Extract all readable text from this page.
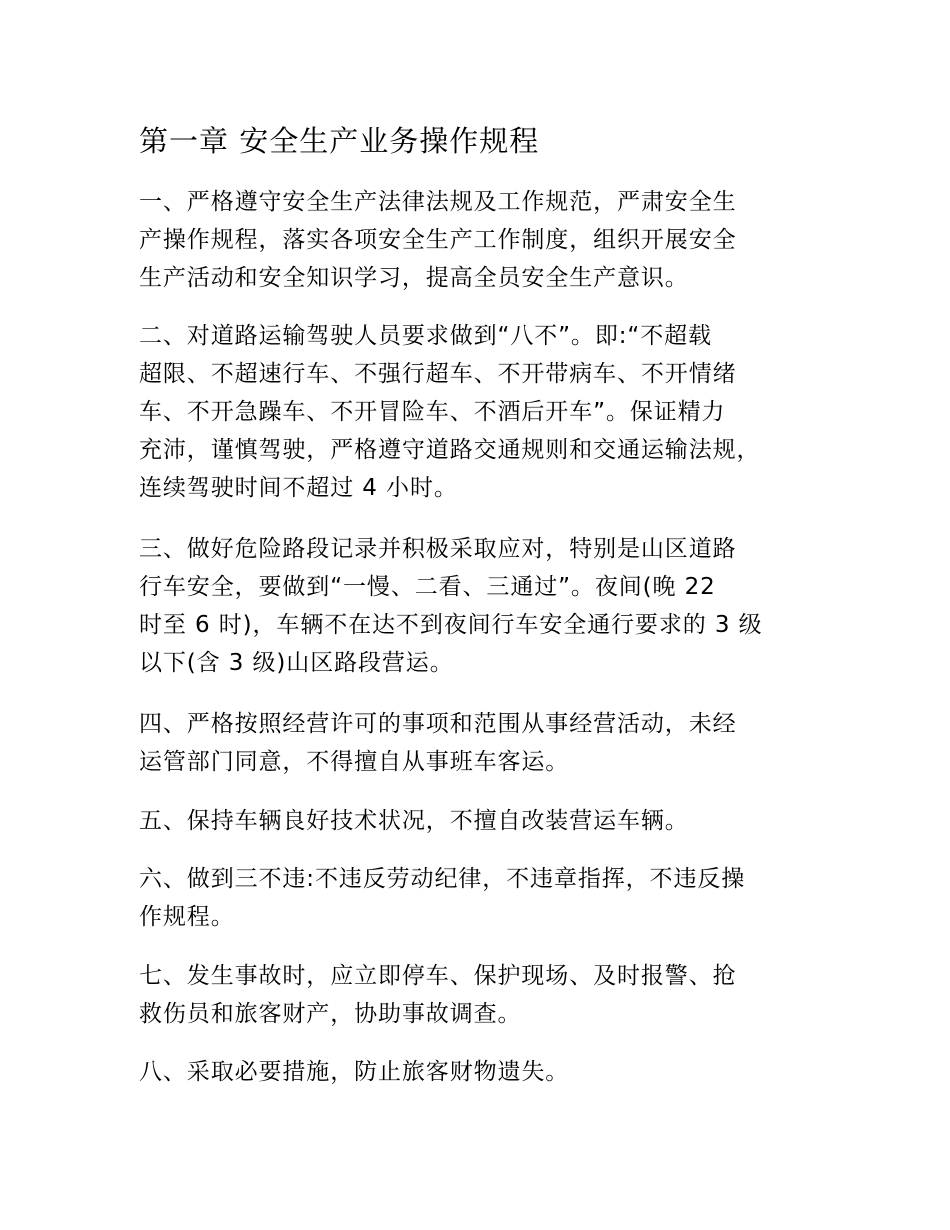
第一章 安全生产业务操作规程
一、严格遵守安全生产法律法规及工作规范，严肃安全生
产操作规程，落实各项安全生产工作制度，组织开展安全
生产活动和安全知识学习，提高全员安全生产意识。
二、对道路运输驾驶人员要求做到“八不”。即:“不超载
超限、不超速行车、不强行超车、不开带病车、不开情绪
车、不开急躁车、不开冒险车、不酒后开车”。保证精力
充沛，谨慎驾驶，严格遵守道路交通规则和交通运输法规，
连续驾驶时间不超过 4 小时。
三、做好危险路段记录并积极采取应对，特别是山区道路
行车安全，要做到“一慢、二看、三通过”。夜间(晚 22
时至 6 时)，车辆不在达不到夜间行车安全通行要求的 3 级
以下(含 3 级)山区路段营运。
四、严格按照经营许可的事项和范围从事经营活动，未经
运管部门同意，不得擅自从事班车客运。
五、保持车辆良好技术状况，不擅自改装营运车辆。
六、做到三不违:不违反劳动纪律，不违章指挥，不违反操
作规程。
七、发生事故时，应立即停车、保护现场、及时报警、抢
救伤员和旅客财产，协助事故调查。
八、采取必要措施，防止旅客财物遗失。
